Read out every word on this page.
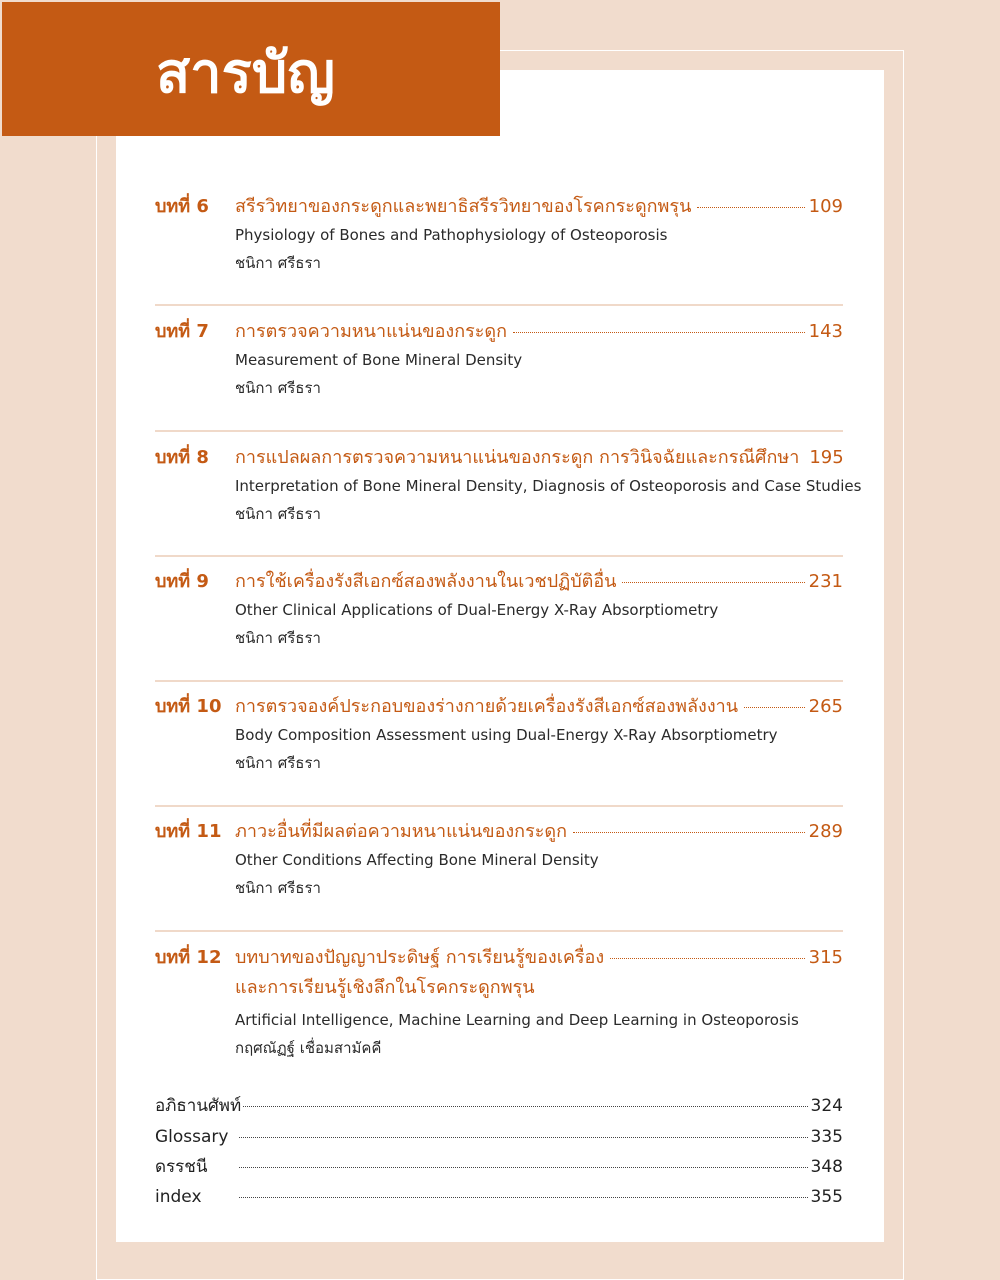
สารบัญ
บทที่ 6 สรีรวิทยาของกระดูกและพยาธิสรีรวิทยาของโรคกระดูกพรุน	109
Physiology of Bones and Pathophysiology of Osteoporosis
ชนิกา ศรีธรา
บทที่ 7 การตรวจความหนาแน่นของกระดูก	143
Measurement of Bone Mineral Density
ชนิกา ศรีธรา
บทที่ 8 การแปลผลการตรวจความหนาแน่นของกระดูก การวินิจฉัยและกรณีศึกษา 195
Interpretation of Bone Mineral Density, Diagnosis of Osteoporosis and Case Studies
ชนิกา ศรีธรา
บทที่ 9 การใช้เครื่องรังสีเอกซ์สองพลังงานในเวชปฏิบัติอื่น	231
Other Clinical Applications of Dual-Energy X-Ray Absorptiometry
ชนิกา ศรีธรา
บทที่ 10 การตรวจองค์ประกอบของร่างกายด้วยเครื่องรังสีเอกซ์สองพลังงาน	265
Body Composition Assessment using Dual-Energy X-Ray Absorptiometry
ชนิกา ศรีธรา
บทที่ 11 ภาวะอื่นที่มีผลต่อความหนาแน่นของกระดูก	289
Other Conditions Affecting Bone Mineral Density
ชนิกา ศรีธรา
บทที่ 12 บทบาทของปัญญาประดิษฐ์ การเรียนรู้ของเครื่อง	315
และการเรียนรู้เชิงลึกในโรคกระดูกพรุน
Artificial Intelligence, Machine Learning and Deep Learning in Osteoporosis
กฤศณัฏฐ์ เชื่อมสามัคคี
อภิธานศัพท์	324
Glossary	335
ดรรชนี	348
index	355
